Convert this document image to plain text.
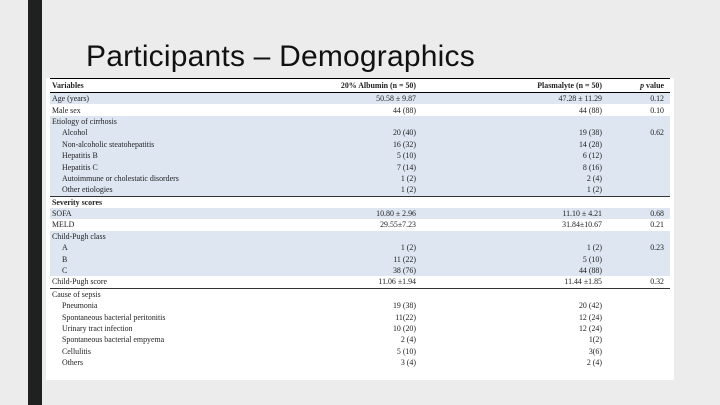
Participants – Demographics
Variables	20% Albumin (n = 50)	Plasmalyte (n = 50)	p value
Age (years)	50.58 ± 9.87	47.28 ± 11.29	0.12
Male sex	44 (88)	44 (88)	0.10
Etiology of cirrhosis			
Alcohol	20 (40)	19 (38)	0.62
Non-alcoholic steatohepatitis	16 (32)	14 (28)	
Hepatitis B	5 (10)	6 (12)	
Hepatitis C	7 (14)	8 (16)	
Autoimmune or cholestatic disorders	1 (2)	2 (4)	
Other etiologies	1 (2)	1 (2)	
Severity scores			
SOFA	10.80 ± 2.96	11.10 ± 4.21	0.68
MELD	29.55±7.23	31.84±10.67	0.21
Child-Pugh class			
A	1 (2)	1 (2)	0.23
B	11 (22)	5 (10)	
C	38 (76)	44 (88)	
Child-Pugh score	11.06 ±1.94	11.44 ±1.85	0.32
Cause of sepsis			
Pneumonia	19 (38)	20 (42)	
Spontaneous bacterial peritonitis	11(22)	12 (24)	
Urinary tract infection	10 (20)	12 (24)	
Spontaneous bacterial empyema	2 (4)	1(2)	
Cellulitis	5 (10)	3(6)	
Others	3 (4)	2 (4)	
